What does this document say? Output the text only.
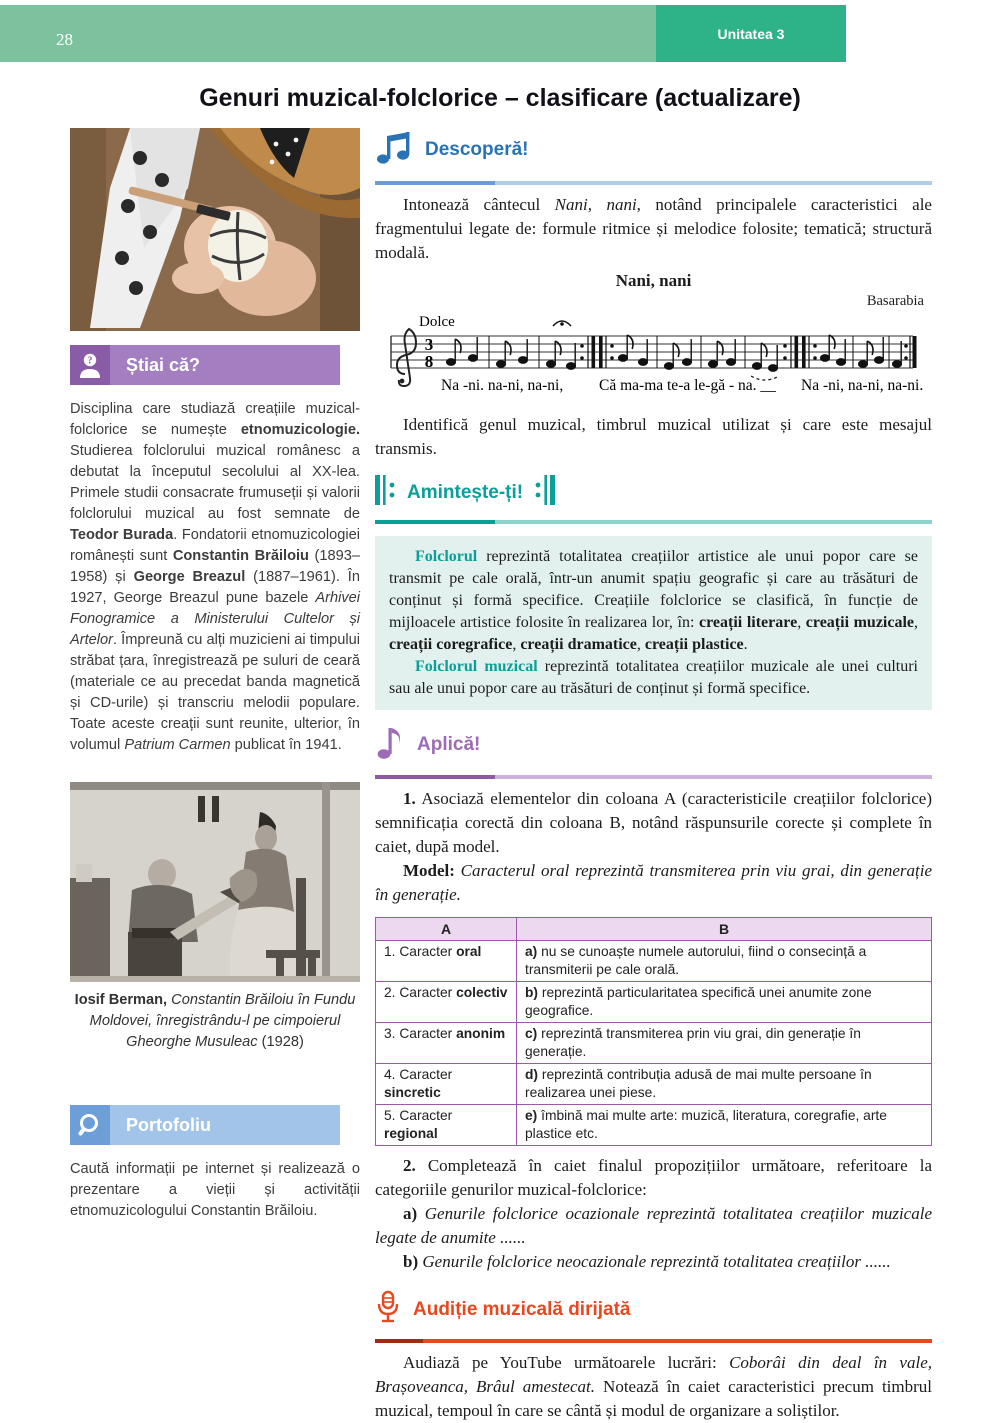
28	Unitatea 3
Genuri muzical-folclorice – clasificare (actualizare)
?	Știai că?
Disciplina care studiază creațiile muzical-folclorice se numește etnomuzicologie. Studierea folclorului muzical românesc a debutat la începutul secolului al XX-lea. Primele studii consacrate frumuseții și valorii folclorului muzical au fost semnate de Teodor Burada. Fondatorii etnomuzicologiei românești sunt Constantin Brăiloiu (1893–1958) și George Breazul (1887–1961). În 1927, George Breazul pune bazele Arhivei Fonogramice a Ministerului Cultelor și Artelor. Împreună cu alți muzicieni ai timpului străbat țara, înregistrează pe suluri de ceară (materiale ce au precedat banda magnetică și CD-urile) și transcriu melodii populare. Toate aceste creații sunt reunite, ulterior, în volumul Patrium Carmen publicat în 1941.
Iosif Berman, Constantin Brăiloiu în Fundu Moldovei, înregistrându-l pe cimpoierul Gheorghe Musuleac (1928)
Portofoliu
Caută informații pe internet și realizează o prezentare a vieții și activității etnomuzicologului Constantin Brăiloiu.
Descoperă!

Intonează cântecul Nani, nani, notând principalele caracteristici ale fragmentului legate de: formule ritmice și melodice folosite; tematică; structură modală.

Nani, nani
Basarabia
Dolce
3
8
Na -ni. na-ni, na-ni, Că ma-ma te-a le-gă - na. __ Na -ni, na-ni, na-ni.

Identifică genul muzical, timbrul muzical utilizat și care este mesajul transmis.

Amintește-ți!

Folclorul reprezintă totalitatea creațiilor artistice ale unui popor care se transmit pe cale orală, într-un anumit spațiu geografic și care au trăsături de conținut și formă specifice. Creațiile folclorice se clasifică, în funcție de mijloacele artistice folosite în realizarea lor, în: creații literare, creații muzicale, creații coregrafice, creații dramatice, creații plastice.

Folclorul muzical reprezintă totalitatea creațiilor muzicale ale unei culturi sau ale unui popor care au trăsături de conținut și formă specifice.

Aplică!

1. Asociază elementelor din coloana A (caracteristicile creațiilor folclorice) semnificația corectă din coloana B, notând răspunsurile corecte și complete în caiet, după model.

Model: Caracterul oral reprezintă transmiterea prin viu grai, din generație în generație.

A	B
1. Caracter oral	a) nu se cunoaște numele autorului, fiind o consecință a transmiterii pe cale orală.
2. Caracter colectiv	b) reprezintă particularitatea specifică unei anumite zone geografice.
3. Caracter anonim	c) reprezintă transmiterea prin viu grai, din generație în generație.
4. Caracter sincretic	d) reprezintă contribuția adusă de mai multe persoane în realizarea unei piese.
5. Caracter regional	e) îmbină mai multe arte: muzică, literatura, coregrafie, arte plastice etc.

2. Completează în caiet finalul propozițiilor următoare, referitoare la categoriile genurilor muzical-folclorice:

a) Genurile folclorice ocazionale reprezintă totalitatea creațiilor muzicale legate de anumite ......

b) Genurile folclorice neocazionale reprezintă totalitatea creațiilor ......

Audiție muzicală dirijată

Audiază pe YouTube următoarele lucrări: Coborâi din deal în vale, Brașoveanca, Brâul amestecat. Notează în caiet caracteristici precum timbrul muzical, tempoul în care se cântă și modul de organizare a soliștilor.
